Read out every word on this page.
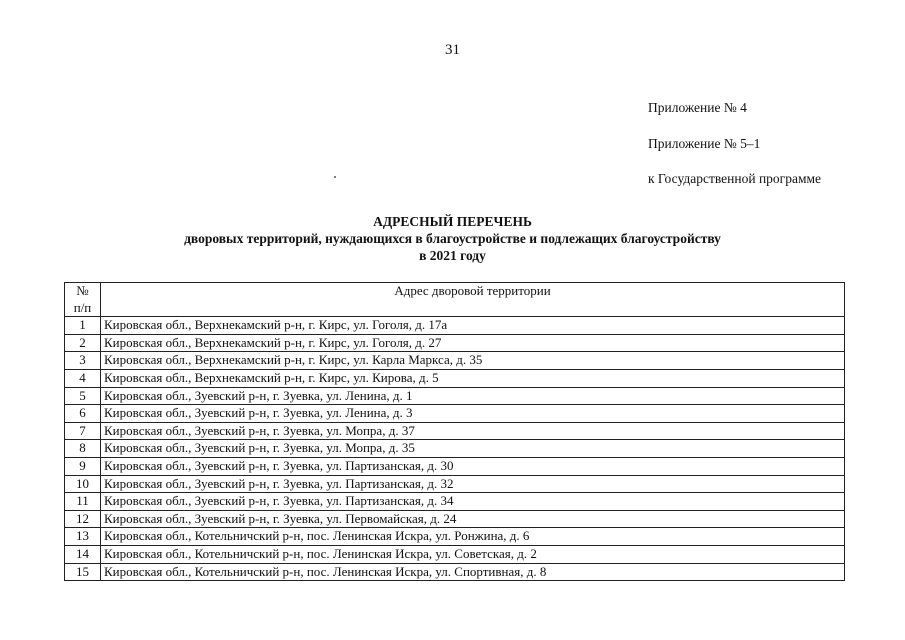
31
Приложение № 4
Приложение № 5–1
к Государственной программе
АДРЕСНЫЙ ПЕРЕЧЕНЬ
дворовых территорий, нуждающихся в благоустройстве и подлежащих благоустройству
в 2021 году
№
п/п	Адрес дворовой территории
1	Кировская обл., Верхнекамский р-н, г. Кирс, ул. Гоголя, д. 17а
2	Кировская обл., Верхнекамский р-н, г. Кирс, ул. Гоголя, д. 27
3	Кировская обл., Верхнекамский р-н, г. Кирс, ул. Карла Маркса, д. 35
4	Кировская обл., Верхнекамский р-н, г. Кирс, ул. Кирова, д. 5
5	Кировская обл., Зуевский р-н, г. Зуевка, ул. Ленина, д. 1
6	Кировская обл., Зуевский р-н, г. Зуевка, ул. Ленина, д. 3
7	Кировская обл., Зуевский р-н, г. Зуевка, ул. Мопра, д. 37
8	Кировская обл., Зуевский р-н, г. Зуевка, ул. Мопра, д. 35
9	Кировская обл., Зуевский р-н, г. Зуевка, ул. Партизанская, д. 30
10	Кировская обл., Зуевский р-н, г. Зуевка, ул. Партизанская, д. 32
11	Кировская обл., Зуевский р-н, г. Зуевка, ул. Партизанская, д. 34
12	Кировская обл., Зуевский р-н, г. Зуевка, ул. Первомайская, д. 24
13	Кировская обл., Котельничский р-н, пос. Ленинская Искра, ул. Ронжина, д. 6
14	Кировская обл., Котельничский р-н, пос. Ленинская Искра, ул. Советская, д. 2
15	Кировская обл., Котельничский р-н, пос. Ленинская Искра, ул. Спортивная, д. 8
